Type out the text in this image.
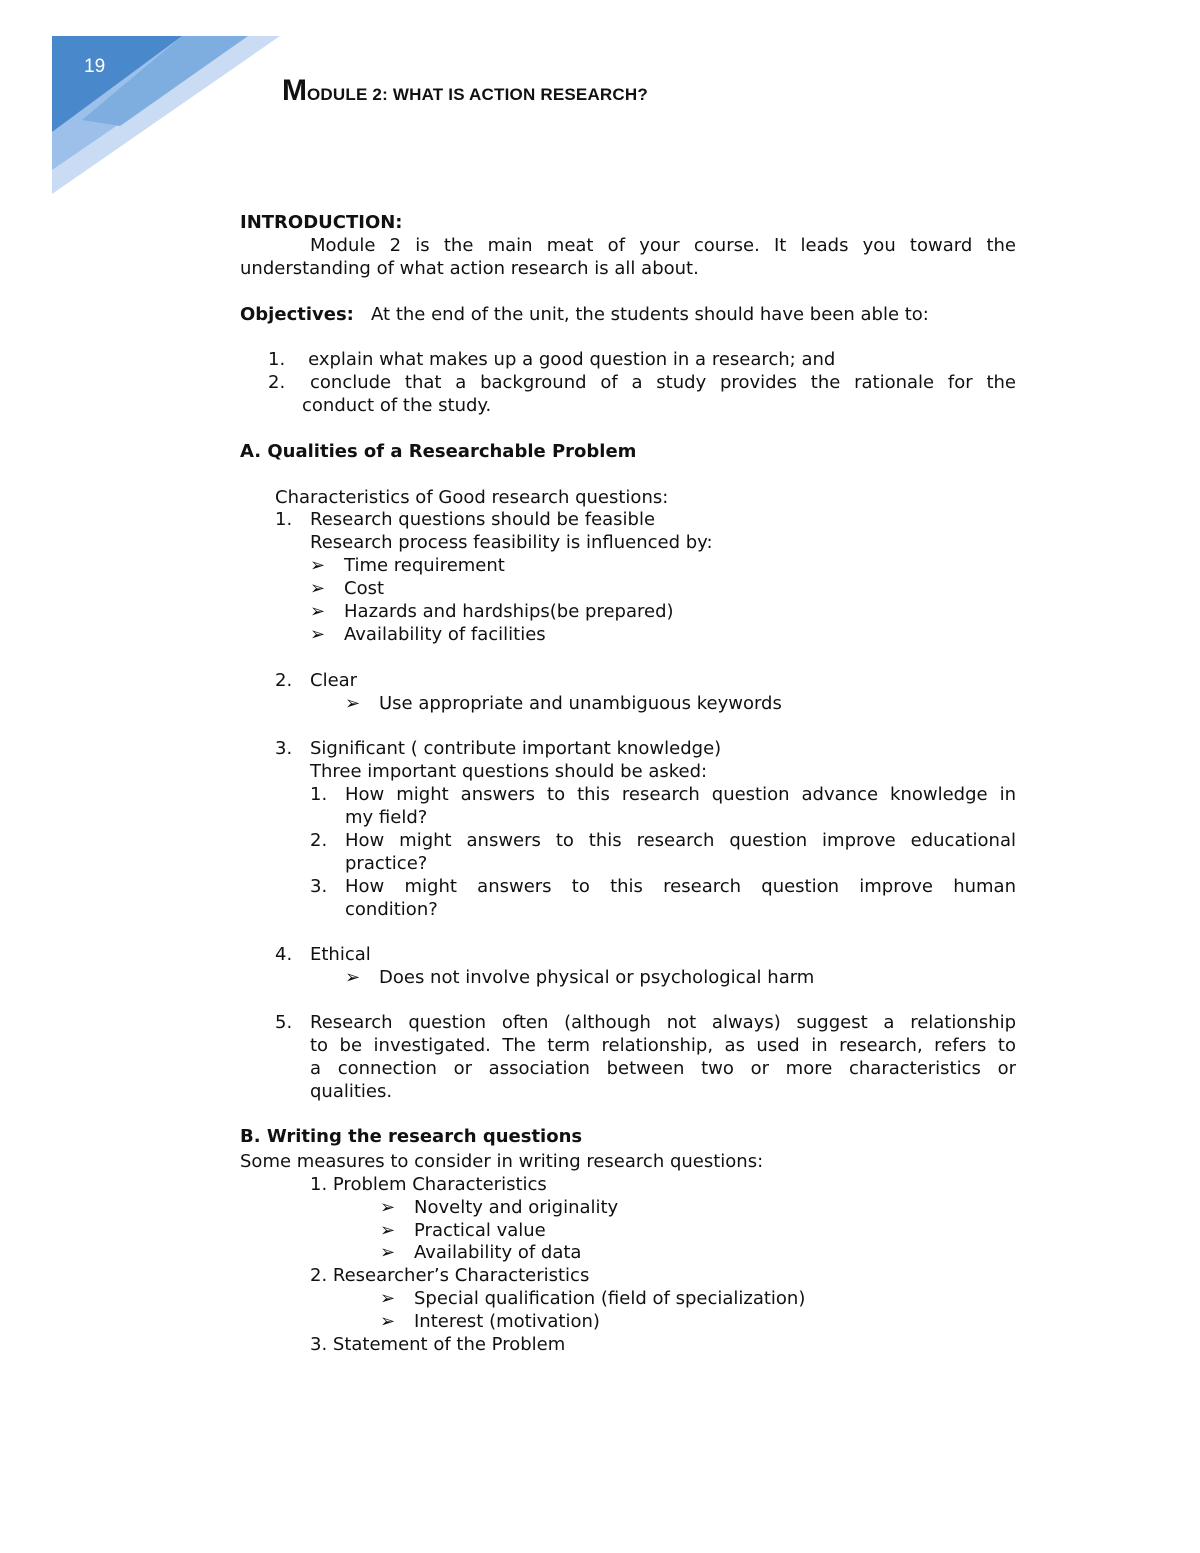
19
MODULE 2: WHAT IS ACTION RESEARCH?
INTRODUCTION:
Module 2 is the main meat of your course. It leads you toward the
understanding of what action research is all about.
Objectives: At the end of the unit, the students should have been able to:
1. explain what makes up a good question in a research; and
2. conclude that a background of a study provides the rationale for the
conduct of the study.
A. Qualities of a Researchable Problem
Characteristics of Good research questions:
1. Research questions should be feasible
Research process feasibility is influenced by:
➢ Time requirement
➢ Cost
➢ Hazards and hardships(be prepared)
➢ Availability of facilities
2. Clear
➢ Use appropriate and unambiguous keywords
3. Significant ( contribute important knowledge)
Three important questions should be asked:
1. How might answers to this research question advance knowledge in
my field?
2. How might answers to this research question improve educational
practice?
3. How might answers to this research question improve human
condition?
4. Ethical
➢ Does not involve physical or psychological harm
5. Research question often (although not always) suggest a relationship
to be investigated. The term relationship, as used in research, refers to
a connection or association between two or more characteristics or
qualities.
B. Writing the research questions
Some measures to consider in writing research questions:
1. Problem Characteristics
➢ Novelty and originality
➢ Practical value
➢ Availability of data
2. Researcher’s Characteristics
➢ Special qualification (field of specialization)
➢ Interest (motivation)
3. Statement of the Problem
